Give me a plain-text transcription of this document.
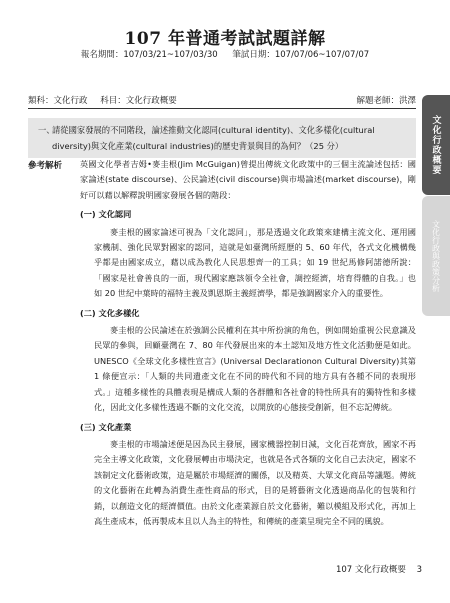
107 年普通考試試題詳解
報名期間：107/03/21~107/03/30 筆試日期：107/07/06~107/07/07
類科：文化行政 科目：文化行政概要	解題老師：洪澤
一、
請從國家發展的不同階段，論述推動文化認同(cultural identity)、文化多樣化(cultural diversity)與文化產業(cultural industries)的歷史背景與目的為何？（25 分）
參考解析 英國文化學者吉姆•麥圭根(Jim McGuigan)曾提出傳統文化政策中的三個主流論述包括：國家論述(state discourse)、公民論述(civil discourse)與市場論述(market discourse)，剛好可以藉以解釋說明國家發展各個的階段：

(一) 文化認同

麥圭根的國家論述可視為「文化認同」，那是透過文化政策來建構主流文化、運用國家機制、強化民眾對國家的認同，這就是如臺灣所經歷的 5、60 年代，各式文化機構幾乎都是由國家成立，藉以成為教化人民思想齊一的工具；如 19 世紀馬修阿諾德所說：「國家是社會善良的一面，現代國家應該領令全社會，調控經濟，培育得體的自我。」也如 20 世紀中葉時的福特主義及凱恩斯主義經濟學，都是強調國家介入的重要性。

(二) 文化多樣化

麥圭根的公民論述在於強調公民權利在其中所扮演的角色，例如開始重視公民意識及民眾的參與，回顧臺灣在 7、80 年代發展出來的本土認知及地方性文化活動便是如此。UNESCO《全球文化多樣性宣言》(Universal Declarationon Cultural Diversity)其第 1 條便宣示：「人類的共同遺產文化在不同的時代和不同的地方具有各種不同的表現形式。」這種多樣性的具體表現是構成人類的各群體和各社會的特性所具有的獨特性和多樣化，因此文化多樣性透過不斷的文化交流，以開放的心態接受創新，但不忘記傳統。

(三) 文化產業

麥圭根的市場論述便是因為民主發展，國家機器控制日減，文化百花齊放，國家不再完全主導文化政策，文化發展轉由市場決定，也就是各式各類的文化自己去決定，國家不該制定文化藝術政策，這是屬於市場經濟的關係，以及精英、大眾文化商品等議題。傳統的文化藝術在此轉為消費生產性商品的形式，目的是將藝術文化透過商品化的包裝和行銷，以創造文化的經濟價值。由於文化產業源自於文化藝術，難以模組及形式化，再加上高生產成本，低再製成本且以人為主的特性，和傳統的產業呈現完全不同的風貌。

107 文化行政概要 3
文化行政概要
文化行政與政策分析
